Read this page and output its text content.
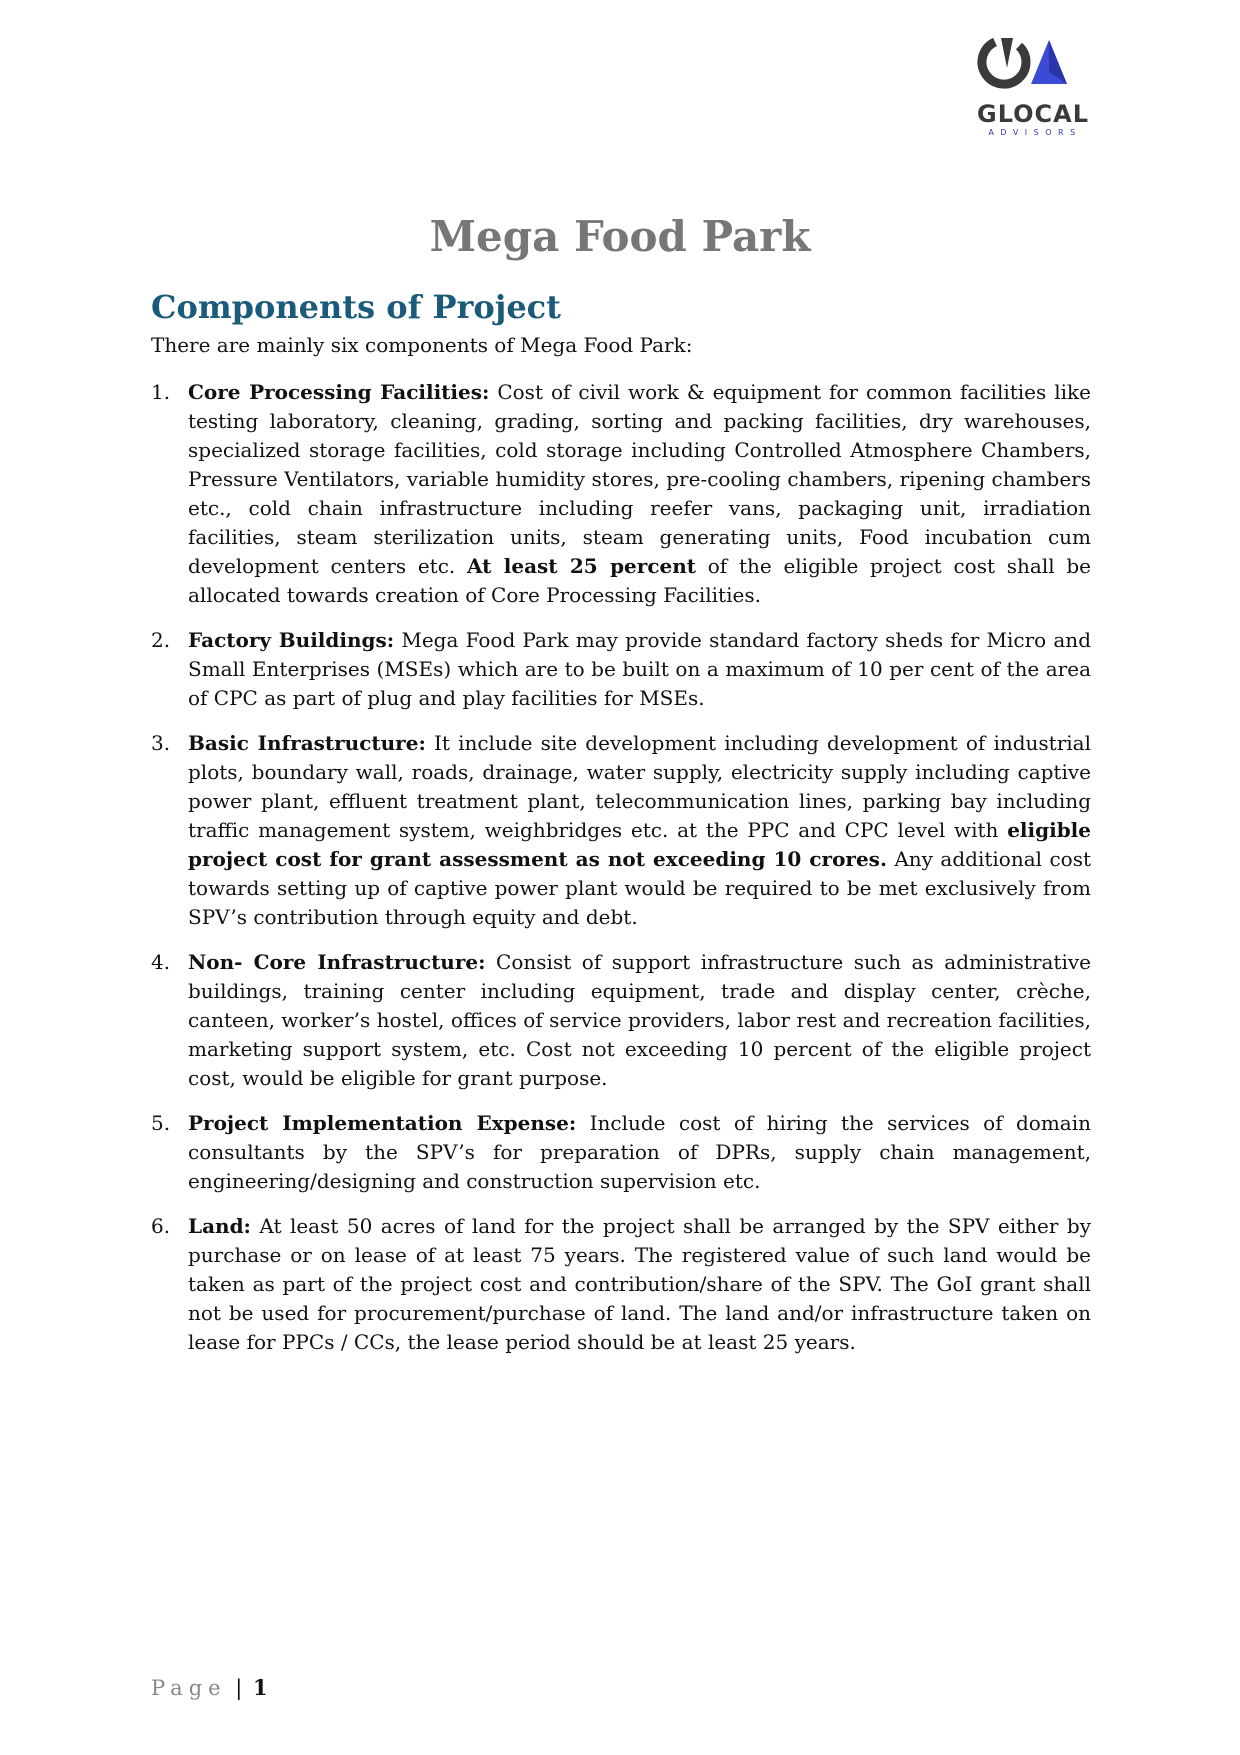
GLOCAL
ADVISORS
Mega Food Park
Components of Project

There are mainly six components of Mega Food Park:

1. Core Processing Facilities: Cost of civil work & equipment for common facilities like testing laboratory, cleaning, grading, sorting and packing facilities, dry warehouses, specialized storage facilities, cold storage including Controlled Atmosphere Chambers, Pressure Ventilators, variable humidity stores, pre-cooling chambers, ripening chambers etc., cold chain infrastructure including reefer vans, packaging unit, irradiation facilities, steam sterilization units, steam generating units, Food incubation cum development centers etc. At least 25 percent of the eligible project cost shall be allocated towards creation of Core Processing Facilities.
2. Factory Buildings: Mega Food Park may provide standard factory sheds for Micro and Small Enterprises (MSEs) which are to be built on a maximum of 10 per cent of the area of CPC as part of plug and play facilities for MSEs.
3. Basic Infrastructure: It include site development including development of industrial plots, boundary wall, roads, drainage, water supply, electricity supply including captive power plant, effluent treatment plant, telecommunication lines, parking bay including traffic management system, weighbridges etc. at the PPC and CPC level with eligible project cost for grant assessment as not exceeding 10 crores. Any additional cost towards setting up of captive power plant would be required to be met exclusively from SPV’s contribution through equity and debt.
4. Non- Core Infrastructure: Consist of support infrastructure such as administrative buildings, training center including equipment, trade and display center, crèche, canteen, worker’s hostel, offices of service providers, labor rest and recreation facilities, marketing support system, etc. Cost not exceeding 10 percent of the eligible project cost, would be eligible for grant purpose.
5. Project Implementation Expense: Include cost of hiring the services of domain consultants by the SPV’s for preparation of DPRs, supply chain management, engineering/designing and construction supervision etc.
6. Land: At least 50 acres of land for the project shall be arranged by the SPV either by purchase or on lease of at least 75 years. The registered value of such land would be taken as part of the project cost and contribution/share of the SPV. The GoI grant shall not be used for procurement/purchase of land. The land and/or infrastructure taken on lease for PPCs / CCs, the lease period should be at least 25 years.
Page | 1
